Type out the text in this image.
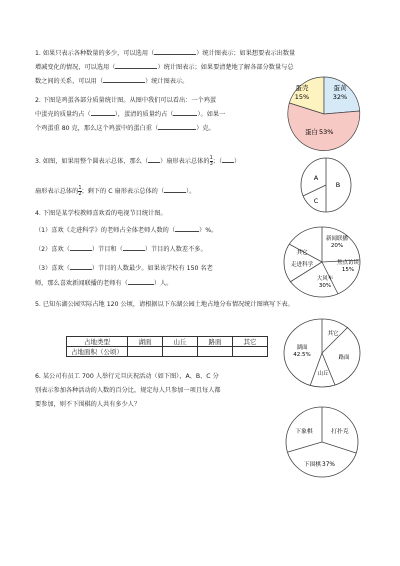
1. 如果只表示各种数量的多少，可以选用（	）统计图表示；如果想要表示出数量
增减变化的情况，可以选用（	）统计图表示；如果要清楚地了解各部分数量与总
数之间的关系，可以用（	）统计图表示。
2. 下图是鸡蛋各部分质量统计图。从图中我们可以看出：一个鸡蛋
中蛋壳的质量约占（	），蛋清的质量约占（	）。如果一
个鸡蛋重 80 克，那么这个鸡蛋中的蛋白重（	）克。
蛋壳
15%
蛋黄
32%
蛋白 53%
3. 如图，如果用整个圆表示总体，那么（ ）扇形表示总体的 $\frac{1}{3}$ ；（ ）
扇形表示总体的 $\frac{1}{2}$ ；剩下的 C 扇形表示总体的（	）。
A
B
C
4. 下图是某学校教师喜欢看的电视节目统计图。
（1）喜欢《走进科学》的老师占全体老师人数的（	）%。
（2）喜欢（	）节目和（	）节目的人数差不多。
（3）喜欢（	）节目的人数最少。如果该学校有 150 名老
师，那么喜欢新闻联播的老师有（	）人。
新闻联播
20%
焦点访谈
15%
大风车
30%
走进科学
其它
5. 已知东湖公园实际占地 120 公顷，请根据以下东湖公园土地占地分布情况统计图填写下表。
占地类型	湖面	山丘	路面	其它
占地面积（公顷）					湖面
42.5%
其它
路面
山丘
6. 某公司有员工 700 人举行元旦庆祝活动（如下图），A、B、C 分
别表示参加各种活动的人数的百分比，规定每人只参加一项且每人都
要参加，则不下围棋的人共有多少人？
下象棋	打扑克
下围棋 37%
